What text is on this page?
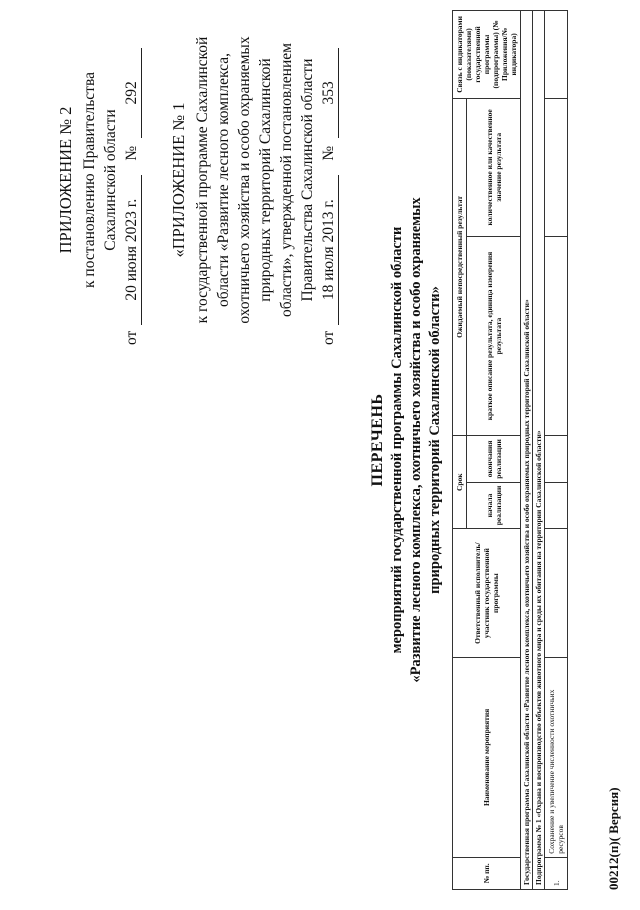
ПРИЛОЖЕНИЕ № 2 к постановлению Правительства Сахалинской области
от
20 июня 2023 г.
№
292
«ПРИЛОЖЕНИЕ № 1 к государственной программе Сахалинской области «Развитие лесного комплекса, охотничьего хозяйства и особо охраняемых природных территорий Сахалинской области», утвержденной постановлением Правительства Сахалинской области
от
18 июля 2013 г.
№
353
ПЕРЕЧЕНЬ мероприятий государственной программы Сахалинской области «Развитие лесного комплекса, охотничьего хозяйства и особо охраняемых природных территорий Сахалинской области»
№ пп.	Наименование мероприятия	Ответственный исполнитель/участник государственной программы	Срок		Ожидаемый непосредственный результат		Связь с индикаторами (показателями) государственной программы (подпрограммы) (№ Приложения/№ индикатора)
			начала реализации	окончания реализации	краткое описание результата, единица измерения результата	количественное или качественное значение результата	
Государственная программа Сахалинской области «Развитие лесного комплекса, охотничьего хозяйства и особо охраняемых природных территорий Сахалинской области»							
Подпрограмма № 1 «Охрана и воспроизводство объектов животного мира и среды их обитания на территории Сахалинской области»							
1.	Сохранение и увеличение численности охотничьих ресурсов							00212(п)( Версия)
